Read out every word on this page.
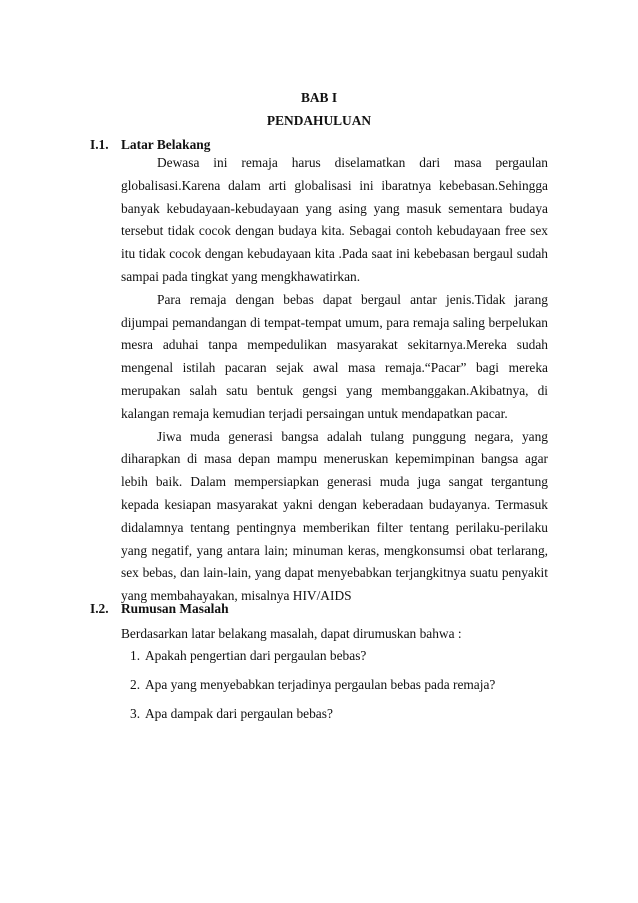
BAB I
PENDAHULUAN
I.1. Latar Belakang

Dewasa ini remaja harus diselamatkan dari masa pergaulan globalisasi.Karena dalam arti globalisasi ini ibaratnya kebebasan.Sehingga banyak kebudayaan-kebudayaan yang asing yang masuk sementara budaya tersebut tidak cocok dengan budaya kita. Sebagai contoh kebudayaan free sex itu tidak cocok dengan kebudayaan kita .Pada saat ini kebebasan bergaul sudah sampai pada tingkat yang mengkhawatirkan.

Para remaja dengan bebas dapat bergaul antar jenis.Tidak jarang dijumpai pemandangan di tempat-tempat umum, para remaja saling berpelukan mesra aduhai tanpa mempedulikan masyarakat sekitarnya.Mereka sudah mengenal istilah pacaran sejak awal masa remaja.“Pacar” bagi mereka merupakan salah satu bentuk gengsi yang membanggakan.Akibatnya, di kalangan remaja kemudian terjadi persaingan untuk mendapatkan pacar.

Jiwa muda generasi bangsa adalah tulang punggung negara, yang diharapkan di masa depan mampu meneruskan kepemimpinan bangsa agar lebih baik. Dalam mempersiapkan generasi muda juga sangat tergantung kepada kesiapan masyarakat yakni dengan keberadaan budayanya. Termasuk didalamnya tentang pentingnya memberikan filter tentang perilaku-perilaku yang negatif, yang antara lain; minuman keras, mengkonsumsi obat terlarang, sex bebas, dan lain-lain, yang dapat menyebabkan terjangkitnya suatu penyakit yang membahayakan, misalnya HIV/AIDS

I.2. Rumusan Masalah
Berdasarkan latar belakang masalah, dapat dirumuskan bahwa :
1. Apakah pengertian dari pergaulan bebas?
2. Apa yang menyebabkan terjadinya pergaulan bebas pada remaja?
3. Apa dampak dari pergaulan bebas?
